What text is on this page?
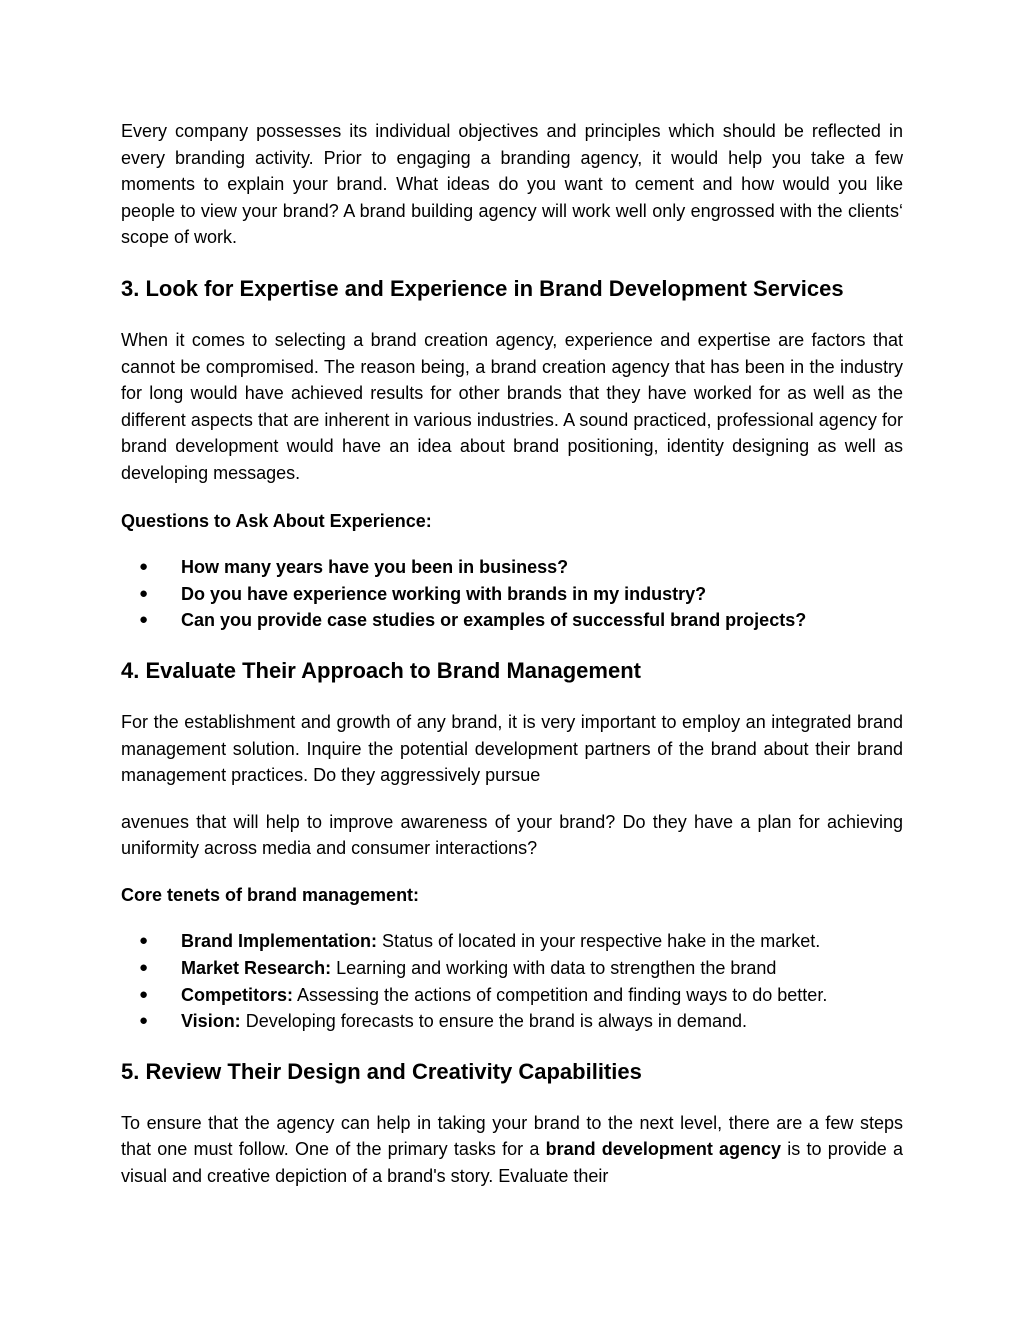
Every company possesses its individual objectives and principles which should be reflected in every branding activity. Prior to engaging a branding agency, it would help you take a few moments to explain your brand. What ideas do you want to cement and how would you like people to view your brand? A brand building agency will work well only engrossed with the clients‘ scope of work.

3. Look for Expertise and Experience in Brand Development Services

When it comes to selecting a brand creation agency, experience and expertise are factors that cannot be compromised. The reason being, a brand creation agency that has been in the industry for long would have achieved results for other brands that they have worked for as well as the different aspects that are inherent in various industries. A sound practiced, professional agency for brand development would have an idea about brand positioning, identity designing as well as developing messages.

Questions to Ask About Experience:

● How many years have you been in business?
● Do you have experience working with brands in my industry?
● Can you provide case studies or examples of successful brand projects?
4. Evaluate Their Approach to Brand Management

For the establishment and growth of any brand, it is very important to employ an integrated brand management solution. Inquire the potential development partners of the brand about their brand management practices. Do they aggressively pursue

avenues that will help to improve awareness of your brand? Do they have a plan for achieving uniformity across media and consumer interactions?

Core tenets of brand management:

● Brand Implementation: Status of located in your respective hake in the market.
● Market Research: Learning and working with data to strengthen the brand
● Competitors: Assessing the actions of competition and finding ways to do better.
● Vision: Developing forecasts to ensure the brand is always in demand.
5. Review Their Design and Creativity Capabilities

To ensure that the agency can help in taking your brand to the next level, there are a few steps that one must follow. One of the primary tasks for a brand development agency is to provide a visual and creative depiction of a brand's story. Evaluate their
